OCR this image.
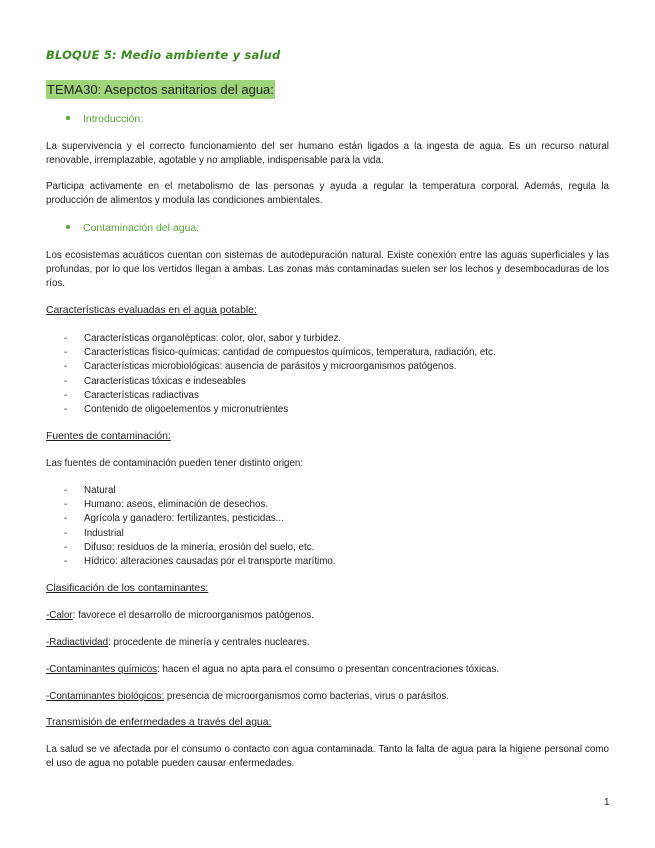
BLOQUE 5: Medio ambiente y salud
TEMA30: Asepctos sanitarios del agua:
Introducción:
La supervivencia y el correcto funcionamiento del ser humano están ligados a la ingesta de agua. Es un recurso natural renovable, irremplazable, agotable y no ampliable, indispensable para la vida.
Participa activamente en el metabolismo de las personas y ayuda a regular la temperatura corporal. Además, regula la producción de alimentos y modula las condiciones ambientales.
Contaminación del agua:
Los ecosistemas acuáticos cuentan con sistemas de autodepuración natural. Existe conexión entre las aguas superficiales y las profundas, por lo que los vertidos llegan a ambas. Las zonas más contaminadas suelen ser los lechos y desembocaduras de los ríos.
Características evaluadas en el agua potable:
- Características organolépticas: color, olor, sabor y turbidez.
- Características físico-químicas: cantidad de compuestos químicos, temperatura, radiación, etc.
- Características microbiológicas: ausencia de parásitos y microorganismos patógenos.
- Características tóxicas e indeseables
- Características radiactivas
- Contenido de oligoelementos y micronutrientes
Fuentes de contaminación:
Las fuentes de contaminación pueden tener distinto origen:
- Natural
- Humano: aseos, eliminación de desechos.
- Agrícola y ganadero: fertilizantes, pesticidas...
- Industrial
- Difuso: residuos de la minería, erosión del suelo, etc.
- Hídrico: alteraciones causadas por el transporte marítimo.
Clasificación de los contaminantes:
-Calor: favorece el desarrollo de microorganismos patógenos.
-Radiactividad: procedente de minería y centrales nucleares.
-Contaminantes químicos: hacen el agua no apta para el consumo o presentan concentraciones tóxicas.
-Contaminantes biológicos: presencia de microorganismos como bacterias, virus o parásitos.
Transmisión de enfermedades a través del agua:
La salud se ve afectada por el consumo o contacto con agua contaminada. Tanto la falta de agua para la higiene personal como el uso de agua no potable pueden causar enfermedades.
1
